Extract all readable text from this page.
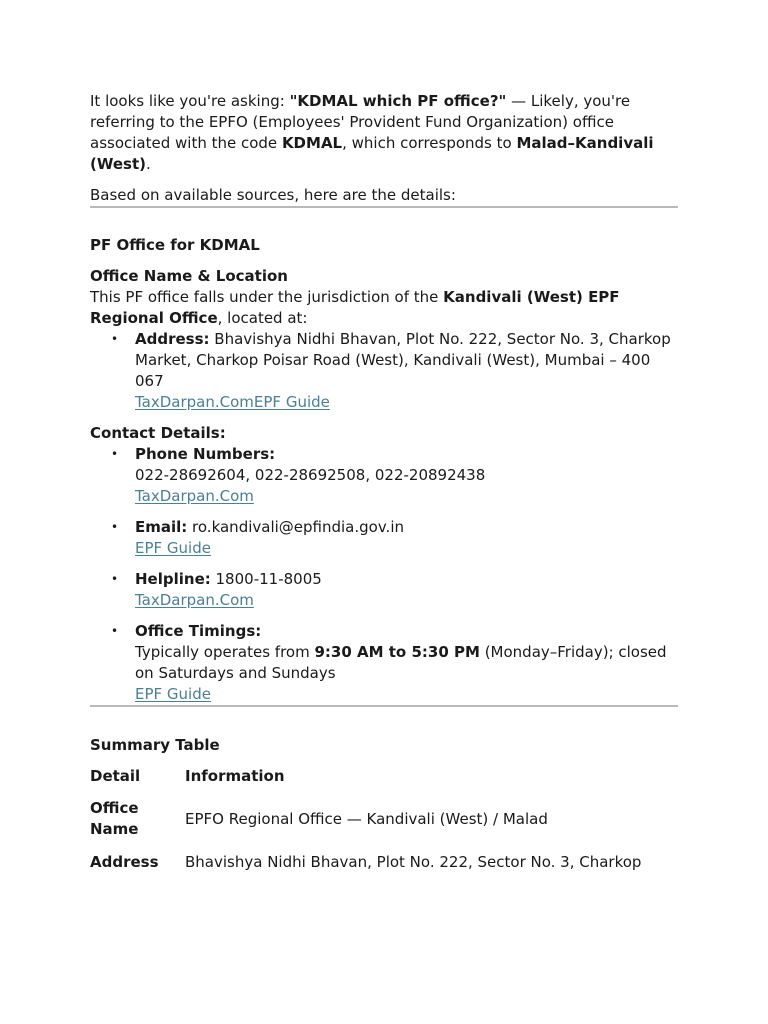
It looks like you're asking: "KDMAL which PF office?" — Likely, you're referring to the EPFO (Employees' Provident Fund Organization) office associated with the code KDMAL, which corresponds to Malad–Kandivali (West).

Based on available sources, here are the details:

PF Office for KDMAL

Office Name & Location

This PF office falls under the jurisdiction of the Kandivali (West) EPF Regional Office, located at:

• Address: Bhavishya Nidhi Bhavan, Plot No. 222, Sector No. 3, Charkop Market, Charkop Poisar Road (West), Kandivali (West), Mumbai – 400 067
TaxDarpan.ComEPF Guide

Contact Details:

• Phone Numbers:
022-28692604, 022-28692508, 022-20892438
TaxDarpan.Com
• Email: ro.kandivali@epfindia.gov.in
EPF Guide
• Helpline: 1800-11-8005
TaxDarpan.Com
• Office Timings:
Typically operates from 9:30 AM to 5:30 PM (Monday–Friday); closed on Saturdays and Sundays
EPF Guide

Summary Table

Detail	Information
Office Name	EPFO Regional Office — Kandivali (West) / Malad
Address	Bhavishya Nidhi Bhavan, Plot No. 222, Sector No. 3, Charkop
